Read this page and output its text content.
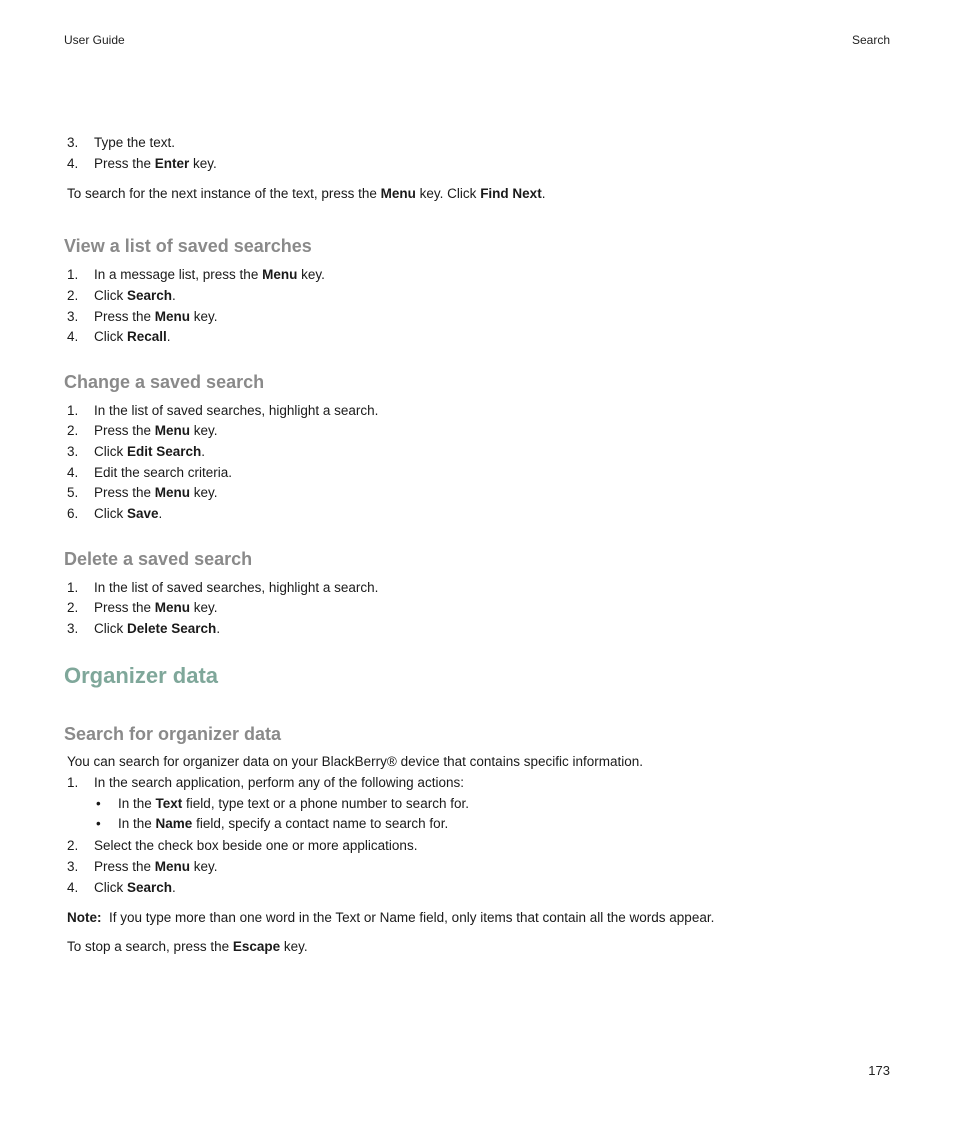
User Guide	Search
3. Type the text.
4. Press the Enter key.
To search for the next instance of the text, press the Menu key. Click Find Next.
View a list of saved searches
1. In a message list, press the Menu key.
2. Click Search.
3. Press the Menu key.
4. Click Recall.
Change a saved search
1. In the list of saved searches, highlight a search.
2. Press the Menu key.
3. Click Edit Search.
4. Edit the search criteria.
5. Press the Menu key.
6. Click Save.
Delete a saved search
1. In the list of saved searches, highlight a search.
2. Press the Menu key.
3. Click Delete Search.
Organizer data
Search for organizer data
You can search for organizer data on your BlackBerry® device that contains specific information.
1. In the search application, perform any of the following actions:
•In the Text field, type text or a phone number to search for.
•In the Name field, specify a contact name to search for.
2. Select the check box beside one or more applications.
3. Press the Menu key.
4. Click Search.
Note:  If you type more than one word in the Text or Name field, only items that contain all the words appear.
To stop a search, press the Escape key.
173
